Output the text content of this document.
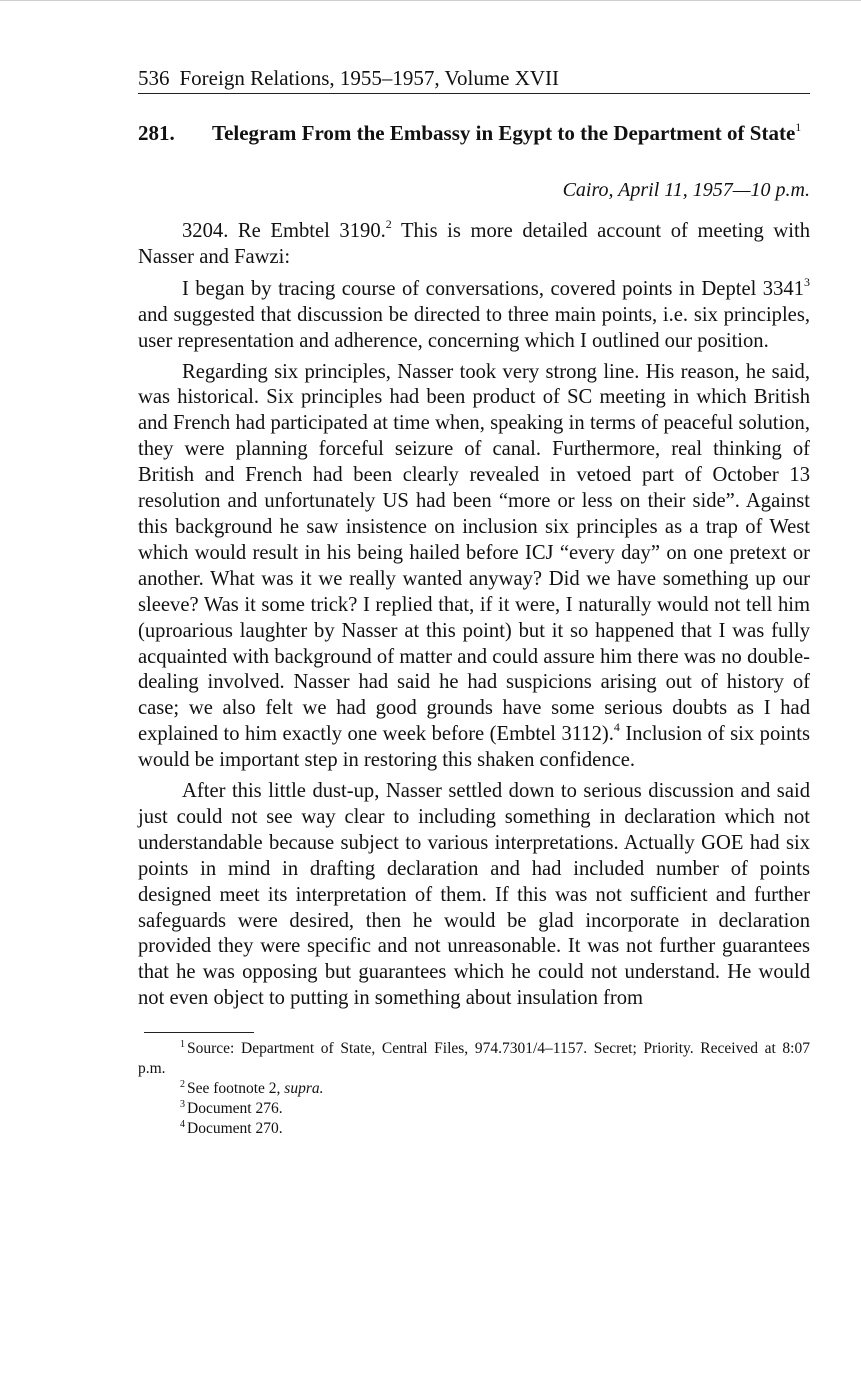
536 Foreign Relations, 1955–1957, Volume XVII
281.	Telegram From the Embassy in Egypt to the Department of State$^1$
Cairo, April 11, 1957—10 p.m.

3204. Re Embtel 3190.$^2$ This is more detailed account of meeting with Nasser and Fawzi:

I began by tracing course of conversations, covered points in Deptel 3341$^3$ and suggested that discussion be directed to three main points, i.e. six principles, user representation and adherence, concerning which I outlined our position.

Regarding six principles, Nasser took very strong line. His reason, he said, was historical. Six principles had been product of SC meeting in which British and French had participated at time when, speaking in terms of peaceful solution, they were planning forceful seizure of canal. Furthermore, real thinking of British and French had been clearly revealed in vetoed part of October 13 resolution and unfortunately US had been “more or less on their side”. Against this background he saw insistence on inclusion six principles as a trap of West which would result in his being hailed before ICJ “every day” on one pretext or another. What was it we really wanted anyway? Did we have something up our sleeve? Was it some trick? I replied that, if it were, I naturally would not tell him (uproarious laughter by Nasser at this point) but it so happened that I was fully acquainted with background of matter and could assure him there was no double-dealing involved. Nasser had said he had suspicions arising out of history of case; we also felt we had good grounds have some serious doubts as I had explained to him exactly one week before (Embtel 3112).$^4$ Inclusion of six points would be important step in restoring this shaken confidence.

After this little dust-up, Nasser settled down to serious discussion and said just could not see way clear to including something in declaration which not understandable because subject to various interpretations. Actually GOE had six points in mind in drafting declaration and had included number of points designed meet its interpretation of them. If this was not sufficient and further safeguards were desired, then he would be glad incorporate in declaration provided they were specific and not unreasonable. It was not further guarantees that he was opposing but guarantees which he could not understand. He would not even object to putting in something about insulation from

$^1$ Source: Department of State, Central Files, 974.7301/4–1157. Secret; Priority. Received at 8:07 p.m.

$^2$ See footnote 2, supra.

$^3$ Document 276.

$^4$ Document 270.
